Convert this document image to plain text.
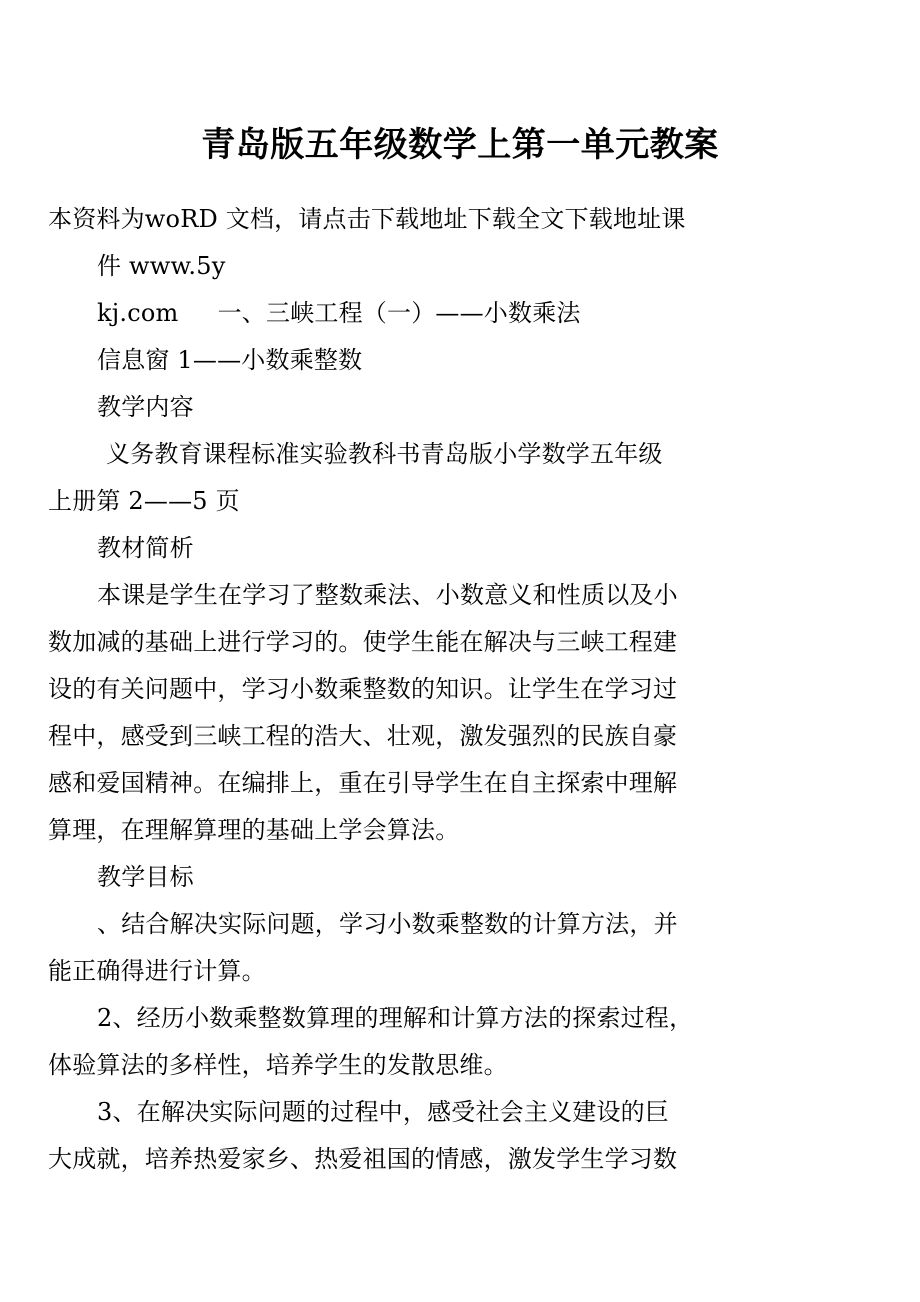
青岛版五年级数学上第一单元教案
本资料为woRD 文档，请点击下载地址下载全文下载地址课
件 www.5y
kj.com     一、三峡工程（一）——小数乘法
信息窗 1——小数乘整数
教学内容
义务教育课程标准实验教科书青岛版小学数学五年级
上册第 2——5 页
教材简析
本课是学生在学习了整数乘法、小数意义和性质以及小
数加减的基础上进行学习的。使学生能在解决与三峡工程建
设的有关问题中，学习小数乘整数的知识。让学生在学习过
程中，感受到三峡工程的浩大、壮观，激发强烈的民族自豪
感和爱国精神。在编排上，重在引导学生在自主探索中理解
算理，在理解算理的基础上学会算法。
教学目标
、结合解决实际问题，学习小数乘整数的计算方法，并
能正确得进行计算。
2、经历小数乘整数算理的理解和计算方法的探索过程，
体验算法的多样性，培养学生的发散思维。
3、在解决实际问题的过程中，感受社会主义建设的巨
大成就，培养热爱家乡、热爱祖国的情感，激发学生学习数
